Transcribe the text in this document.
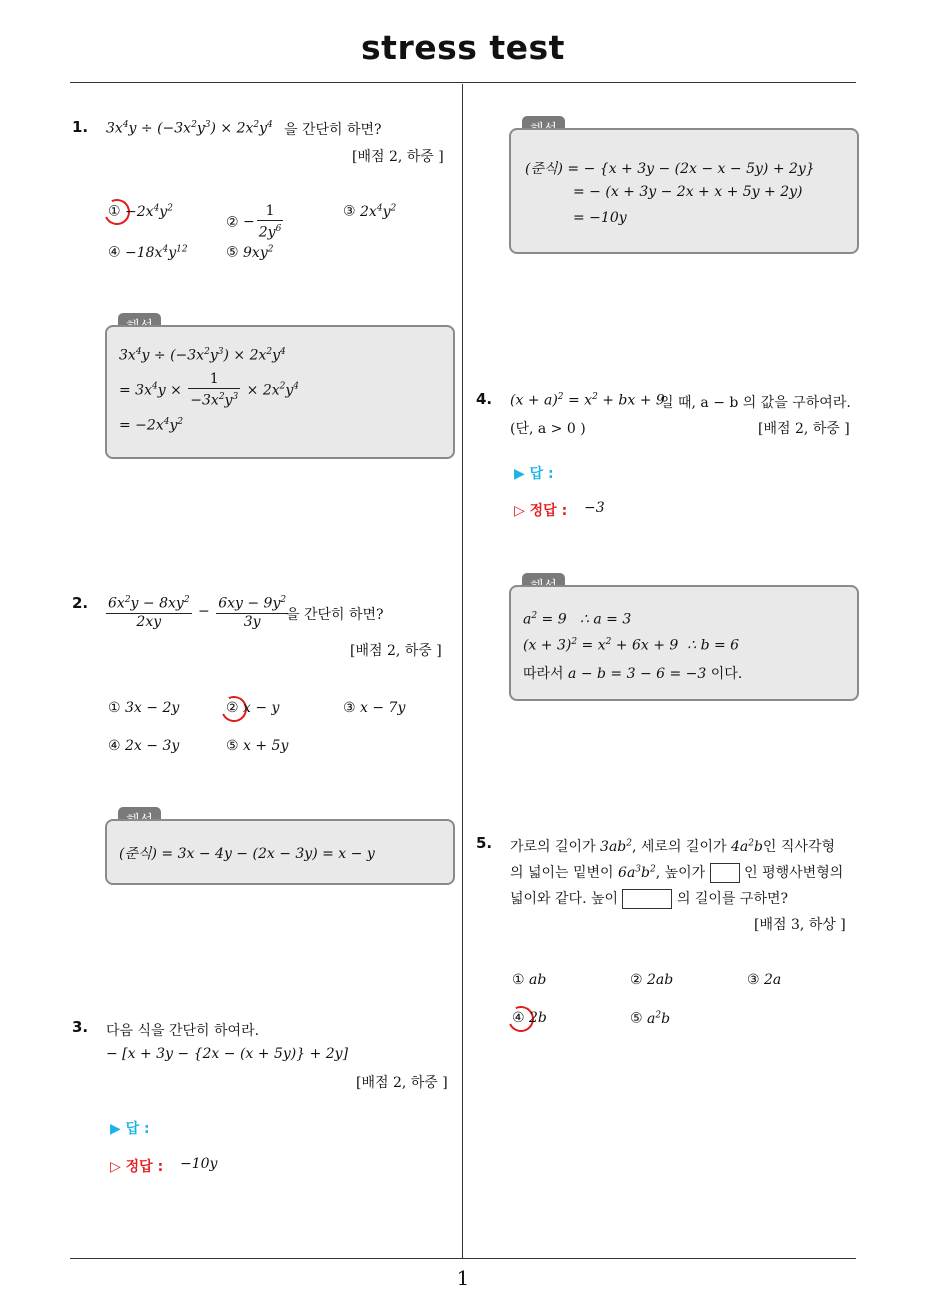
stress test
1
1. $3x^4y \div (-3x^2y^3) \times 2x^2y^4$ 을 간단히 하면?
[배점 2, 하중 ]
① $-2x^4y^2$
② − $\frac{1}{2y^6}$	③ $2x^4y^2$
④ $-18x^4y^{12}$	⑤ $9xy^2$
$3x^4y \div (-3x^2y^3) \times 2x^2y^4$
= $3x^4y \times \frac{1}{-3x^2y^3} \times 2x^2y^4$
= $-2x^4y^2$
2. $\frac{6x^2y - 8xy^2}{2xy} - \frac{6xy - 9y^2}{3y}$
을 간단히 하면?
[배점 2, 하중 ]
① 3x − 2y	② x − y	③ x − 7y
④ 2x − 3y	⑤ x + 5y
(준식) = 3x − 4y − (2x − 3y) = x − y
3. 다음 식을 간단히 하여라.
− [x + 3y − {2x − (x + 5y)} + 2y]
[배점 2, 하중 ]
▶ 답 :
▷ 정답 : −10y
(준식) = − {x + 3y − (2x − x − 5y) + 2y}
= − (x + 3y − 2x + x + 5y + 2y)
= −10y
4. $(x + a)^2 = x^2$ + bx + 9
일 때, a − b 의 값을 구하여라.
(단, a > 0 )	[배점 2, 하중 ]
▶ 답 :
▷ 정답 : −3
$a^2 = 9$   ∴ a = 3
$(x + 3)^2 = x^2 + 6x + 9$  ∴ b = 6
따라서 a − b = 3 − 6 = −3 이다.
5. 가로의 길이가 $3ab^2$, 세로의 길이가 $4a^2b$인 직사각형
의 넓이는 밑변이 $6a^3b^2$, 높이가  인 평행사변형의
넓이와 같다. 높이	의 길이를 구하면?
[배점 3, 하상 ]
① ab	② 2ab	③ 2a
④ 2b	⑤ $a^2b$
